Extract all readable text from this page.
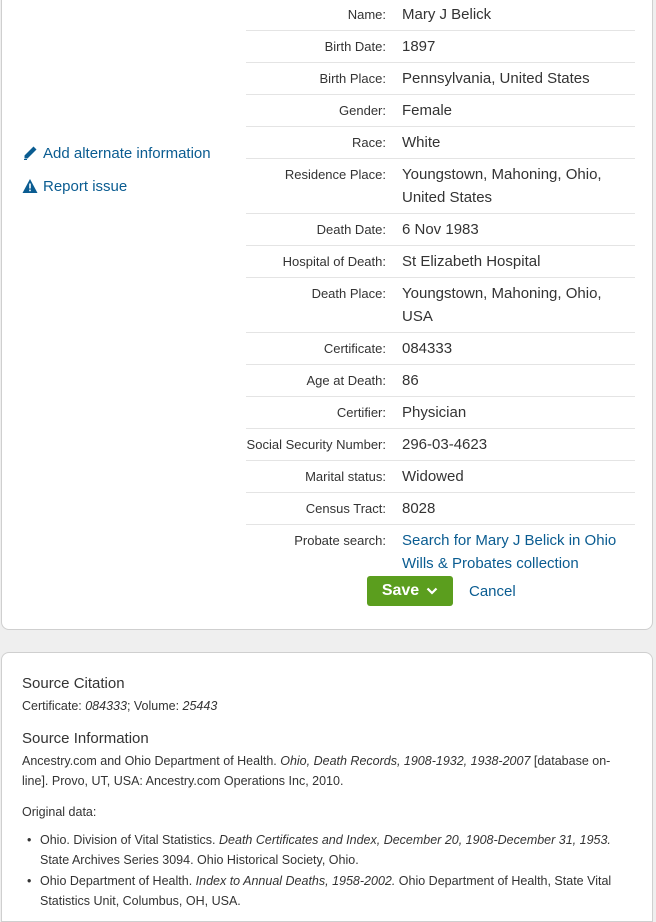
Add alternate information
Report issue
Name: Mary J Belick
Birth Date: 1897
Birth Place: Pennsylvania, United States
Gender: Female
Race: White
Residence Place: Youngstown, Mahoning, Ohio, United States
Death Date: 6 Nov 1983
Hospital of Death: St Elizabeth Hospital
Death Place: Youngstown, Mahoning, Ohio, USA
Certificate: 084333
Age at Death: 86
Certifier: Physician
Social Security Number: 296-03-4623
Marital status: Widowed
Census Tract: 8028
Probate search: Search for Mary J Belick in Ohio Wills & Probates collection
Save	Cancel
Source Citation

Certificate: 084333; Volume: 25443

Source Information

Ancestry.com and Ohio Department of Health. Ohio, Death Records, 1908-1932, 1938-2007 [database on-line]. Provo, UT, USA: Ancestry.com Operations Inc, 2010.

Original data:

• Ohio. Division of Vital Statistics. Death Certificates and Index, December 20, 1908-December 31, 1953. State Archives Series 3094. Ohio Historical Society, Ohio.
• Ohio Department of Health. Index to Annual Deaths, 1958-2002. Ohio Department of Health, State Vital Statistics Unit, Columbus, OH, USA.
